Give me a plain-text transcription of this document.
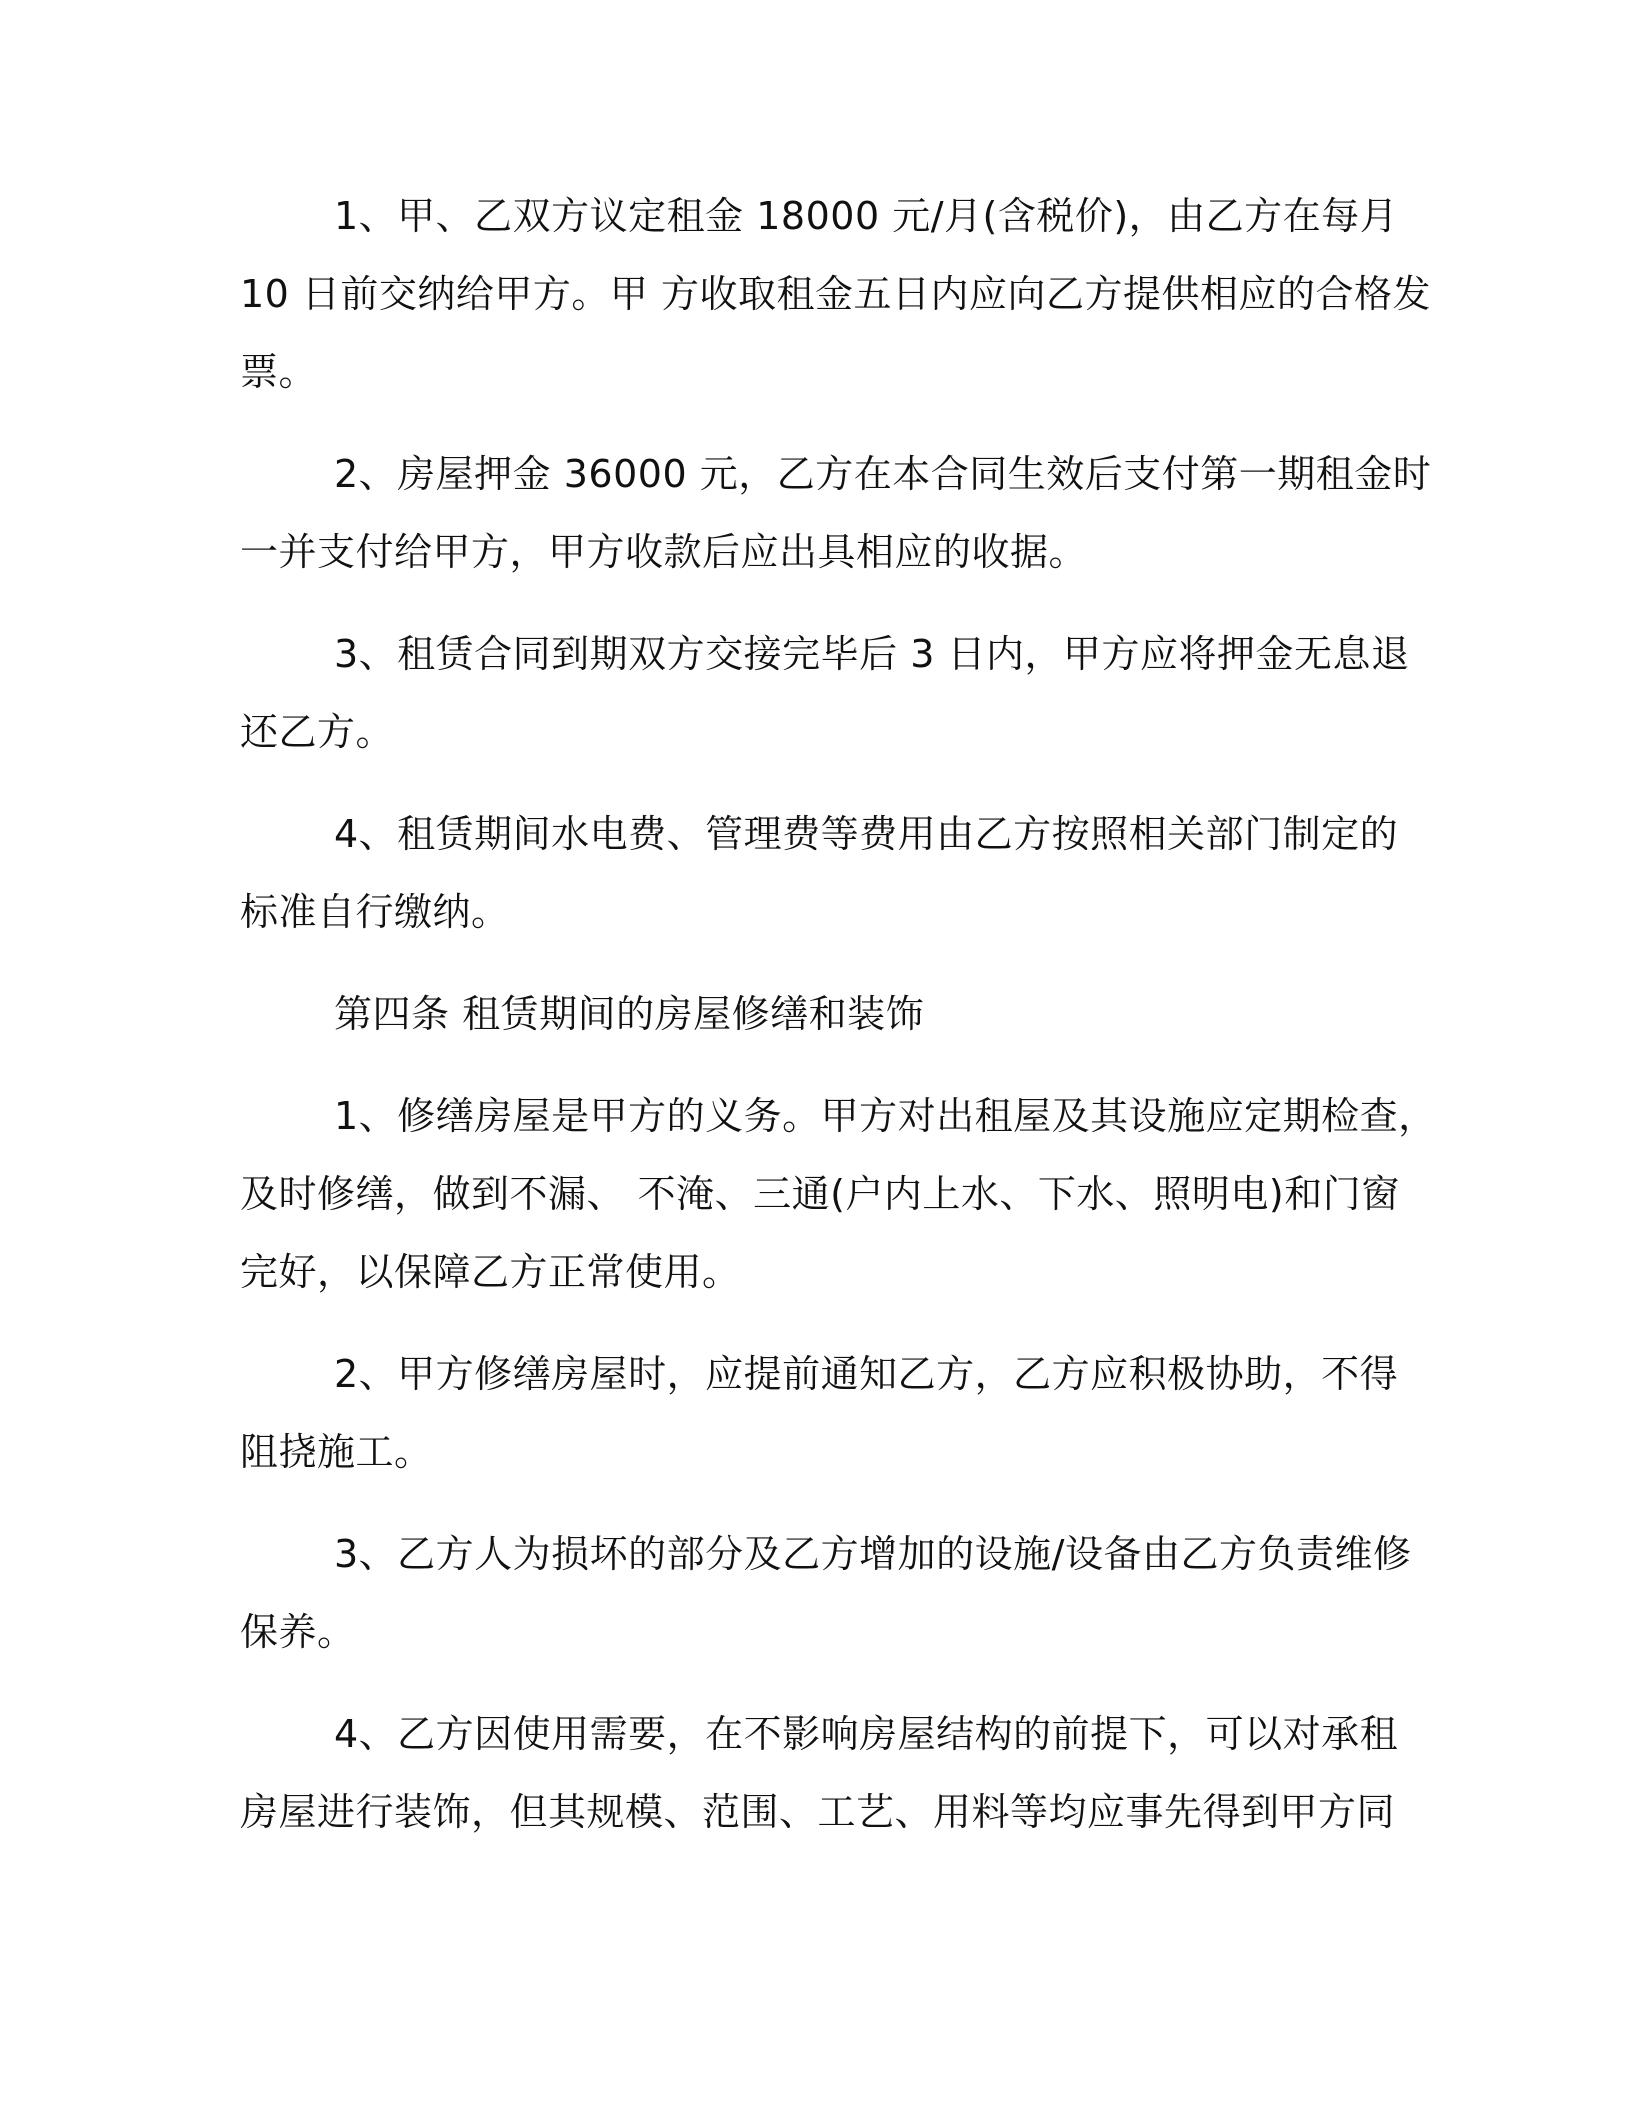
1、甲、乙双方议定租金 18000 元/月(含税价)，由乙方在每月

10 日前交纳给甲方。甲 方收取租金五日内应向乙方提供相应的合格发

票。

2、房屋押金 36000 元，乙方在本合同生效后支付第一期租金时

一并支付给甲方，甲方收款后应出具相应的收据。

3、租赁合同到期双方交接完毕后 3 日内，甲方应将押金无息退

还乙方。

4、租赁期间水电费、管理费等费用由乙方按照相关部门制定的

标准自行缴纳。

第四条 租赁期间的房屋修缮和装饰

1、修缮房屋是甲方的义务。甲方对出租屋及其设施应定期检查，

及时修缮，做到不漏、 不淹、三通(户内上水、下水、照明电)和门窗

完好，以保障乙方正常使用。

2、甲方修缮房屋时，应提前通知乙方，乙方应积极协助，不得

阻挠施工。

3、乙方人为损坏的部分及乙方增加的设施/设备由乙方负责维修

保养。

4、乙方因使用需要，在不影响房屋结构的前提下，可以对承租

房屋进行装饰，但其规模、范围、工艺、用料等均应事先得到甲方同
